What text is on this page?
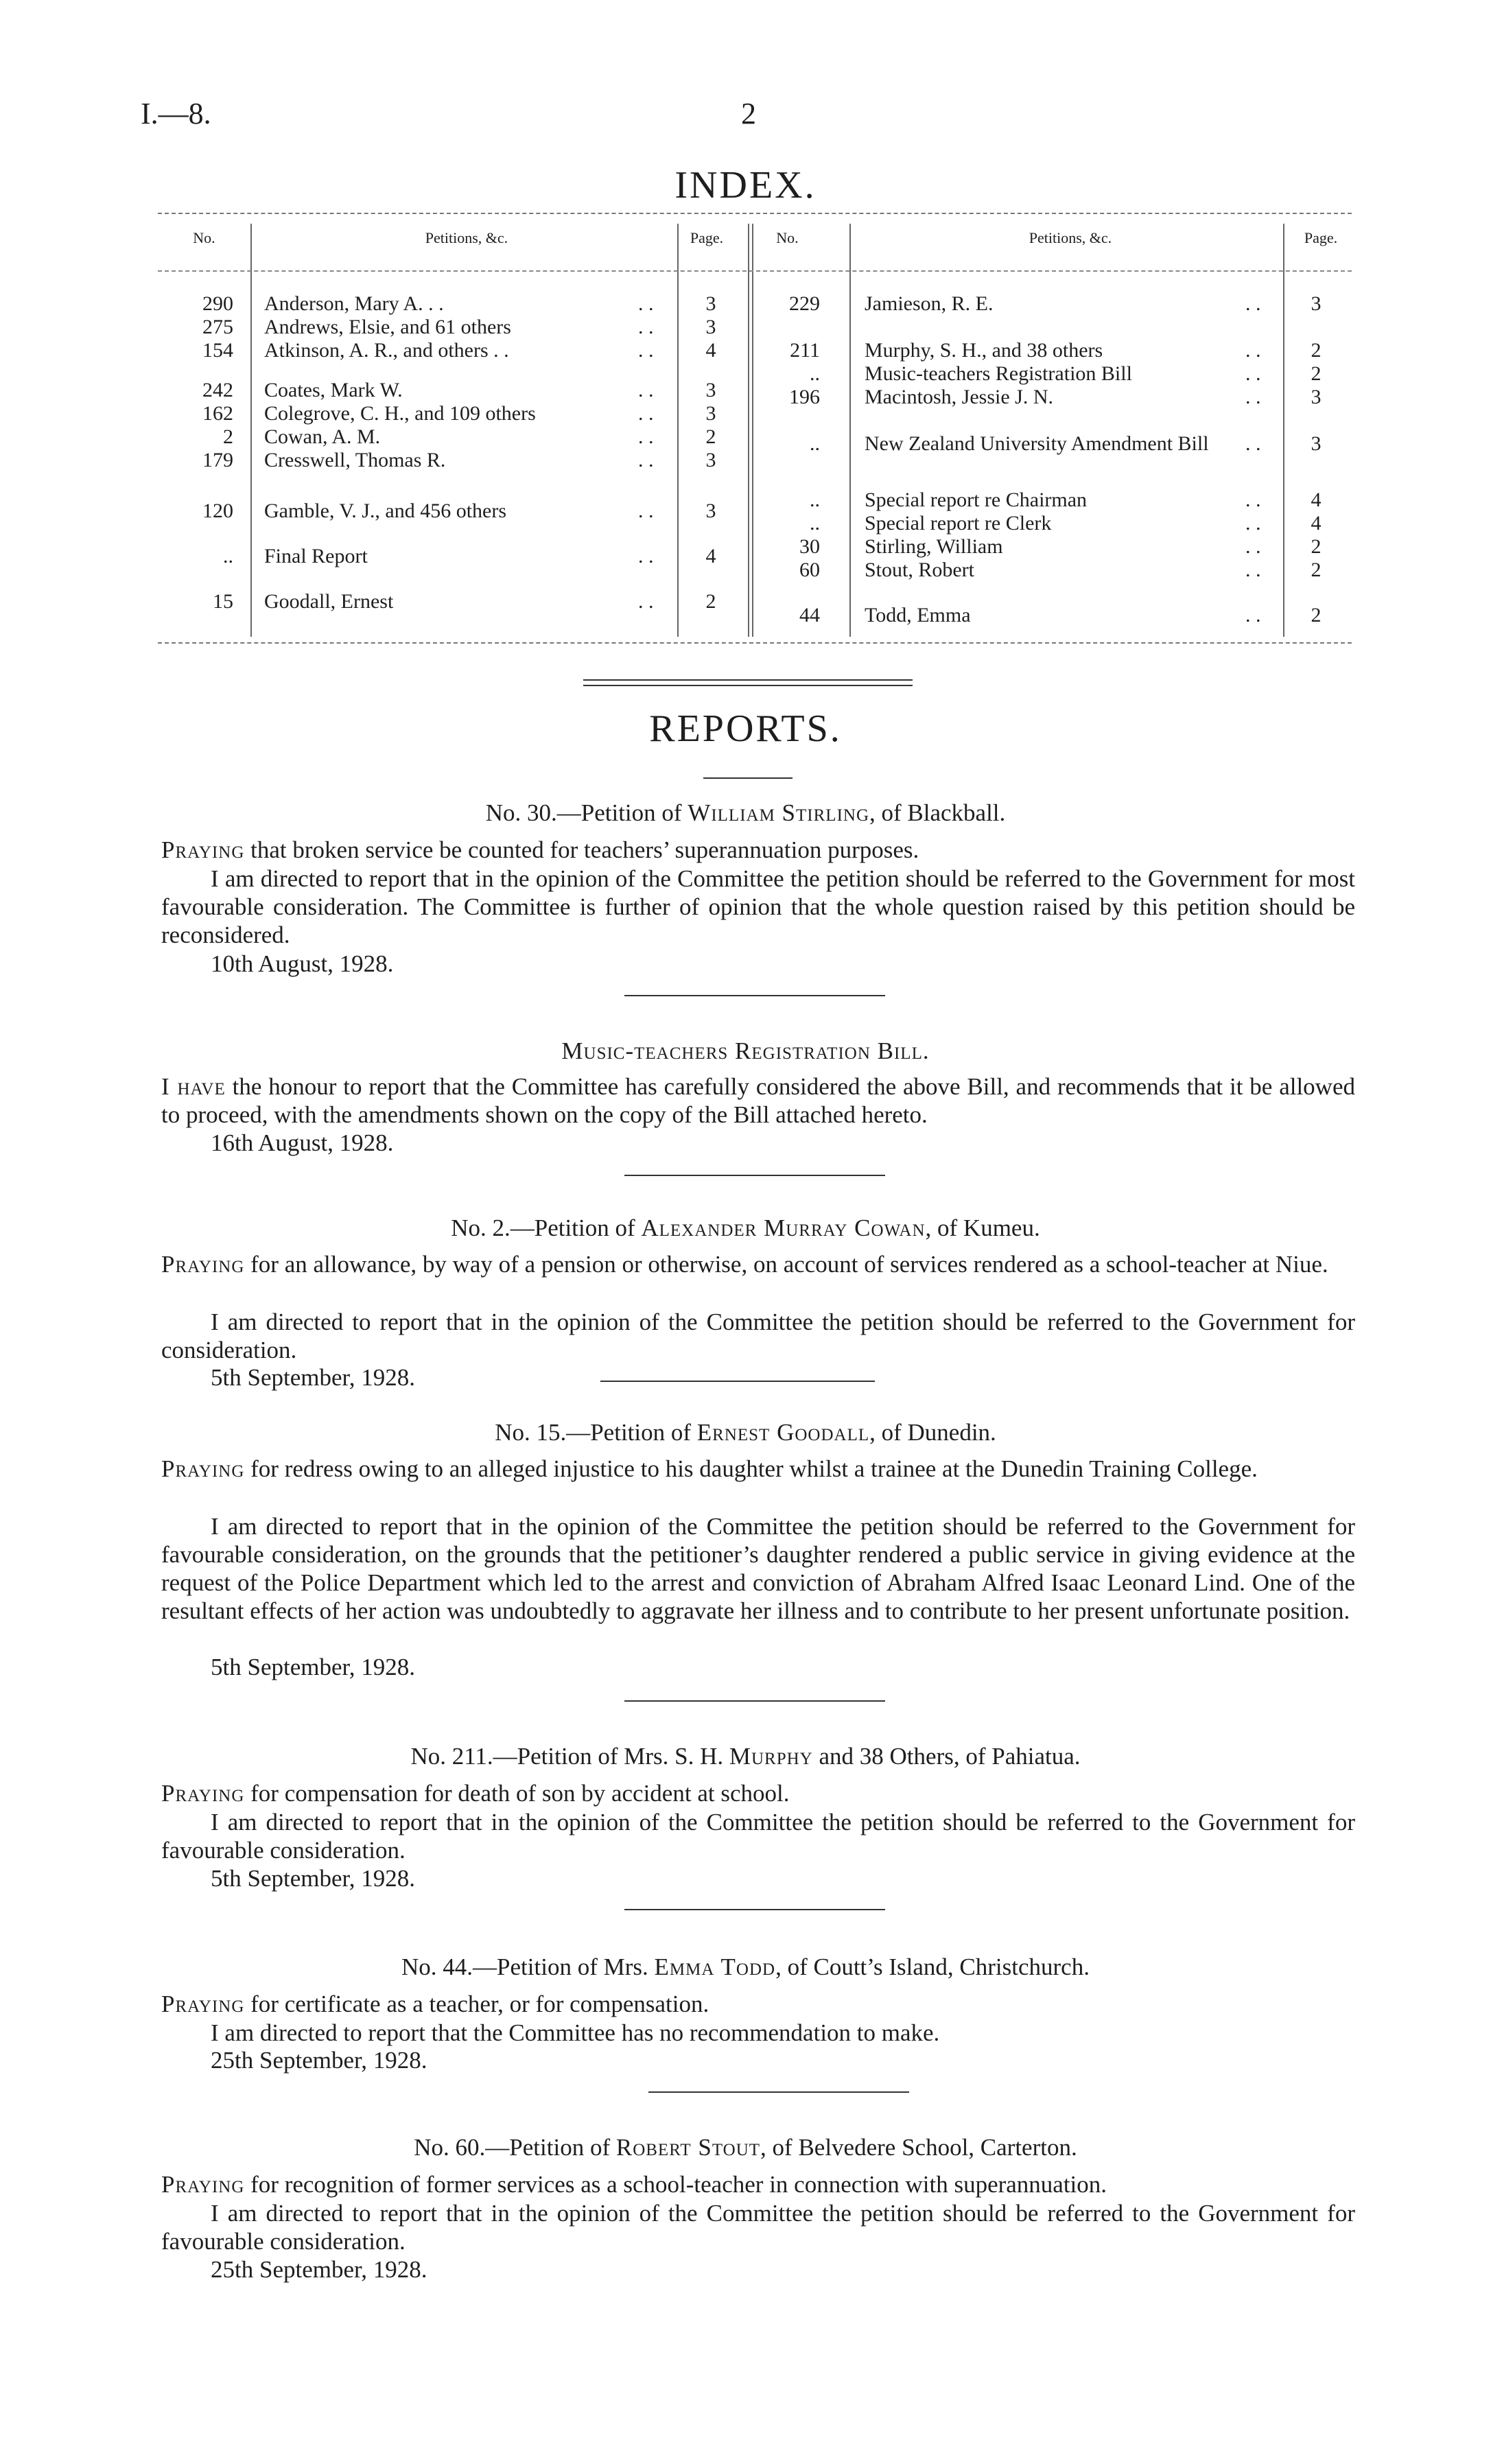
I.—8.	2
INDEX.
No.	Petitions, &c.	Page.	No.	Petitions, &c.	Page.
290 Anderson, Mary A. . .	. .	3
275 Andrews, Elsie, and 61 others	. .	3
154 Atkinson, A. R., and others . .	. .	4
242 Coates, Mark W.	. .	3
162 Colegrove, C. H., and 109 others	. .	3
2 Cowan, A. M.	. .	2
179 Cresswell, Thomas R.	. .	3
120 Gamble, V. J., and 456 others	. .	3
.. Final Report	. .	4
15 Goodall, Ernest	. .	2
229 Jamieson, R. E.	. .	3
211 Murphy, S. H., and 38 others	. .	2
.. Music-teachers Registration Bill	. .	2
196 Macintosh, Jessie J. N.	. .	3
.. New Zealand University Amendment Bill . .	3
.. Special report re Chairman	. .	4
.. Special report re Clerk	. .	4
30 Stirling, William	. .	2
60 Stout, Robert	. .	2
44 Todd, Emma	. .	2
REPORTS.
No. 30.—Petition of William Stirling, of Blackball.
Praying that broken service be counted for teachers’ superannuation purposes.
I am directed to report that in the opinion of the Committee the petition should be referred to the Government for most favourable consideration. The Committee is further of opinion that the whole question raised by this petition should be reconsidered.
10th August, 1928.
Music-teachers Registration Bill.
I have the honour to report that the Committee has carefully considered the above Bill, and recommends that it be allowed to proceed, with the amendments shown on the copy of the Bill attached hereto.
16th August, 1928.
No. 2.—Petition of Alexander Murray Cowan, of Kumeu.
Praying for an allowance, by way of a pension or otherwise, on account of services rendered as a school-teacher at Niue.
I am directed to report that in the opinion of the Committee the petition should be referred to the Government for consideration.
5th September, 1928.
No. 15.—Petition of Ernest Goodall, of Dunedin.
Praying for redress owing to an alleged injustice to his daughter whilst a trainee at the Dunedin Training College.
I am directed to report that in the opinion of the Committee the petition should be referred to the Government for favourable consideration, on the grounds that the petitioner’s daughter rendered a public service in giving evidence at the request of the Police Department which led to the arrest and conviction of Abraham Alfred Isaac Leonard Lind. One of the resultant effects of her action was undoubtedly to aggravate her illness and to contribute to her present unfortunate position.
5th September, 1928.
No. 211.—Petition of Mrs. S. H. Murphy and 38 Others, of Pahiatua.
Praying for compensation for death of son by accident at school.
I am directed to report that in the opinion of the Committee the petition should be referred to the Government for favourable consideration.
5th September, 1928.
No. 44.—Petition of Mrs. Emma Todd, of Coutt’s Island, Christchurch.
Praying for certificate as a teacher, or for compensation.
I am directed to report that the Committee has no recommendation to make.
25th September, 1928.
No. 60.—Petition of Robert Stout, of Belvedere School, Carterton.
Praying for recognition of former services as a school-teacher in connection with superannuation.
I am directed to report that in the opinion of the Committee the petition should be referred to the Government for favourable consideration.
25th September, 1928.
